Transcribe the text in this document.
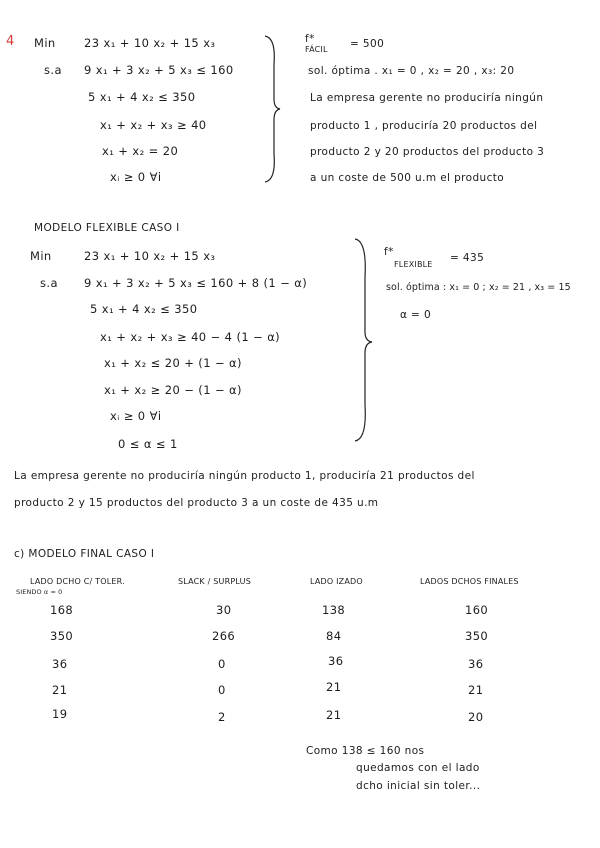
4 Min 23 x₁ + 10 x₂ + 15 x₃
s.a 9 x₁ + 3 x₂ + 5 x₃ ≤ 160
5 x₁ + 4 x₂ ≤ 350
x₁ + x₂ + x₃ ≥ 40
x₁ + x₂ = 20
xᵢ ≥ 0 ∀i
f*
FÁCIL = 500
sol. óptima . x₁ = 0 , x₂ = 20 , x₃: 20
La empresa gerente no produciría ningún
producto 1 , produciría 20 productos del
producto 2 y 20 productos del producto 3
a un coste de 500 u.m el producto
MODELO FLEXIBLE CASO I
Min	23 x₁ + 10 x₂ + 15 x₃
s.a 9 x₁ + 3 x₂ + 5 x₃ ≤ 160 + 8 (1 − α)
5 x₁ + 4 x₂ ≤ 350
x₁ + x₂ + x₃ ≥ 40 − 4 (1 − α)
x₁ + x₂ ≤ 20 + (1 − α)
x₁ + x₂ ≥ 20 − (1 − α)
xᵢ ≥ 0 ∀i
0 ≤ α ≤ 1
f*
FLEXIBLE
= 435
sol. óptima : x₁ = 0 ; x₂ = 21 , x₃ = 15
α = 0
La empresa gerente no produciría ningún producto 1, produciría 21 productos del
producto 2 y 15 productos del producto 3 a un coste de 435 u.m
c) MODELO FINAL CASO I
LADO DCHO C/ TOLER.
SIENDO α = 0
SLACK / SURPLUS	LADO IZADO	LADOS DCHOS FINALES
168	30	138	160
350	266	84	350
36	0	36	36
21	0	21	21
19	2	21	20
Como 138 ≤ 160 nos
quedamos con el lado
dcho inicial sin toler...
